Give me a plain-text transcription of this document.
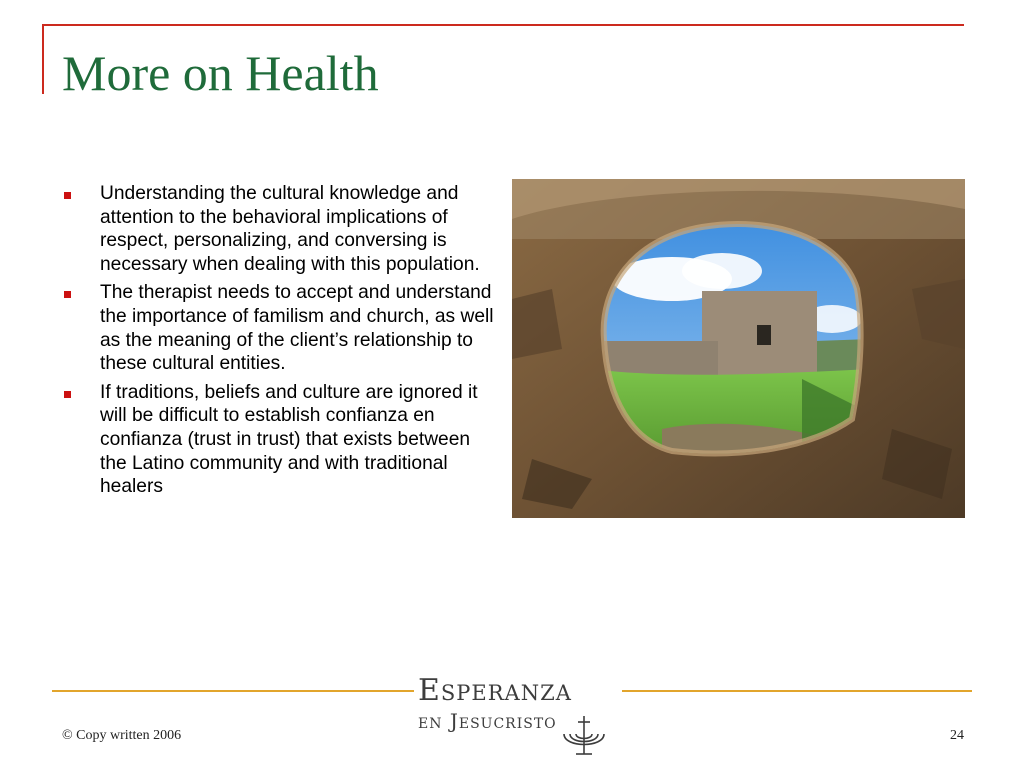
More on Health
Understanding the cultural knowledge and attention to the behavioral implications of respect, personalizing, and conversing is necessary when dealing with this population.
The therapist needs to accept and understand the importance of familism and church, as well as the meaning of the client’s relationship to these cultural entities.
If traditions, beliefs and culture are ignored it will be difficult to establish confianza en confianza (trust in trust) that exists between the Latino community and with traditional healers
Esperanza
en Jesucristo
© Copy written 2006	24
